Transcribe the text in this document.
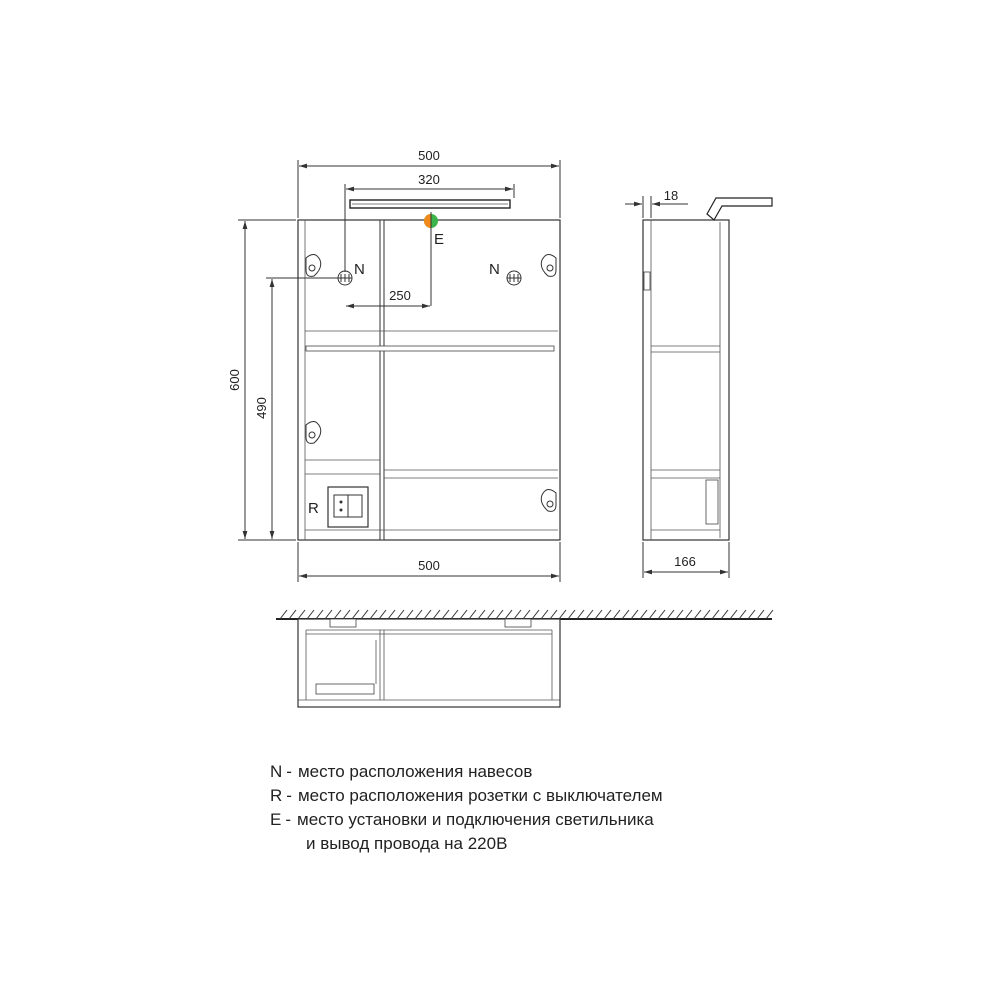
E
N	N
R
500
320
250
600
490
500
18
166
N - место расположения навесов
R - место расположения розетки с выключателем
E - место установки и подключения светильника
и вывод провода на 220В
